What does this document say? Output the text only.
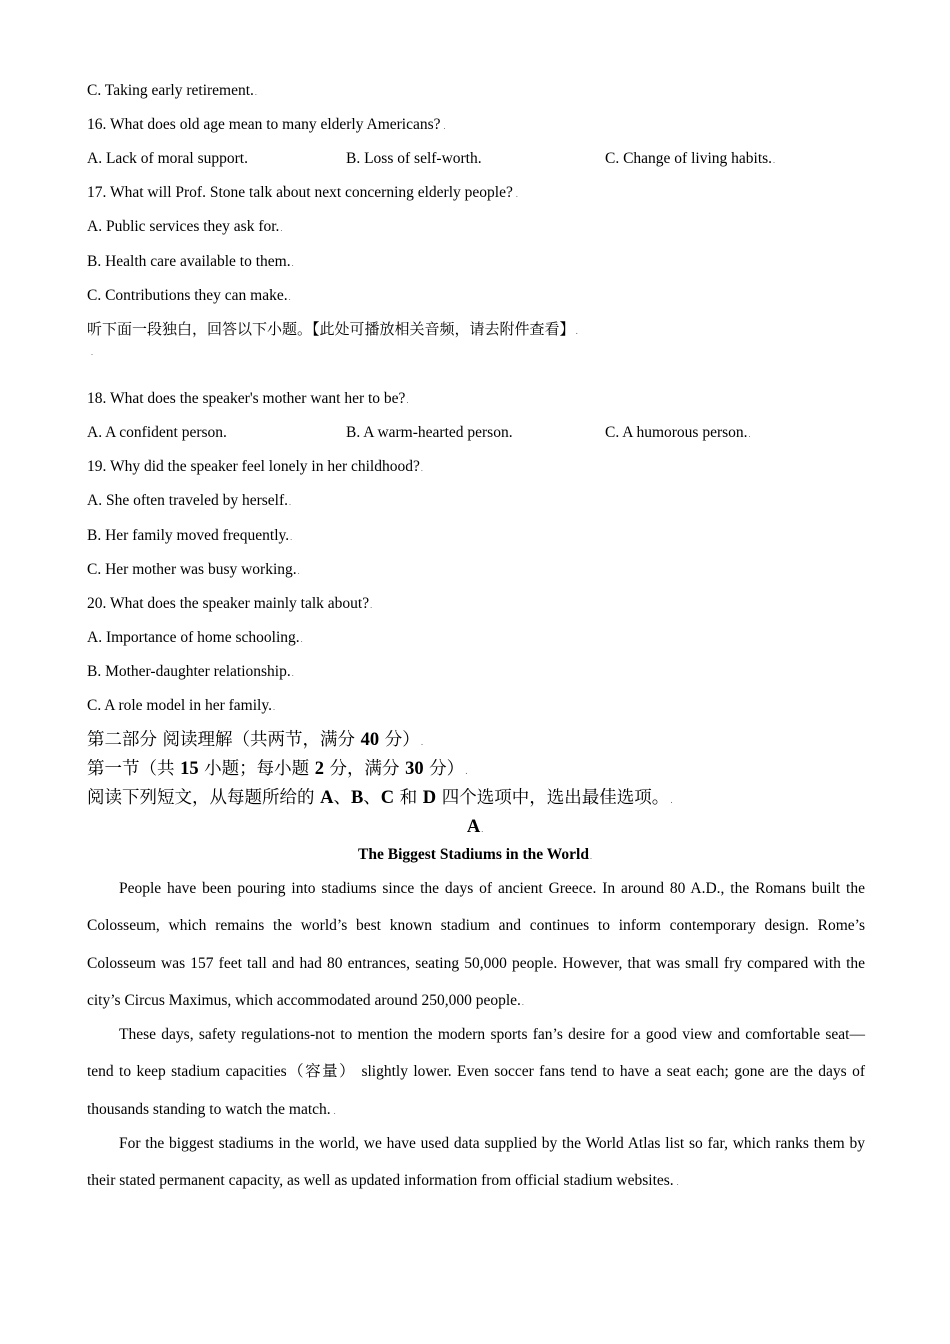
C. Taking early retirement..
16. What does old age mean to many elderly Americans? .
A. Lack of moral support.	B. Loss of self-worth.	C. Change of living habits..
17. What will Prof. Stone talk about next concerning elderly people? .
A. Public services they ask for..
B. Health care available to them..
C. Contributions they can make..
听下面一段独白，回答以下小题。【此处可播放相关音频，请去附件查看】.
.
18. What does the speaker's mother want her to be?.
A. A confident person.	B. A warm-hearted person.	C. A humorous person..
19. Why did the speaker feel lonely in her childhood?.
A. She often traveled by herself..
B. Her family moved frequently..
C. Her mother was busy working..
20. What does the speaker mainly talk about?.
A. Importance of home schooling..
B. Mother-daughter relationship..
C. A role model in her family..
第二部分 阅读理解（共两节，满分 40 分）.
第一节（共 15 小题；每小题 2 分，满分 30 分）.
阅读下列短文，从每题所给的 A、B、C 和 D 四个选项中，选出最佳选项。.
A.
The Biggest Stadiums in the World.
People have been pouring into stadiums since the days of ancient Greece. In around 80 A.D., the Romans built the Colosseum, which remains the world’s best known stadium and continues to inform contemporary design. Rome’s Colosseum was 157 feet tall and had 80 entrances, seating 50,000 people. However, that was small fry compared with the city’s Circus Maximus, which accommodated around 250,000 people..
These days, safety regulations-not to mention the modern sports fan’s desire for a good view and comfortable seat—tend to keep stadium capacities（容量） slightly lower. Even soccer fans tend to have a seat each; gone are the days of thousands standing to watch the match. .
For the biggest stadiums in the world, we have used data supplied by the World Atlas list so far, which ranks them by their stated permanent capacity, as well as updated information from official stadium websites. .
